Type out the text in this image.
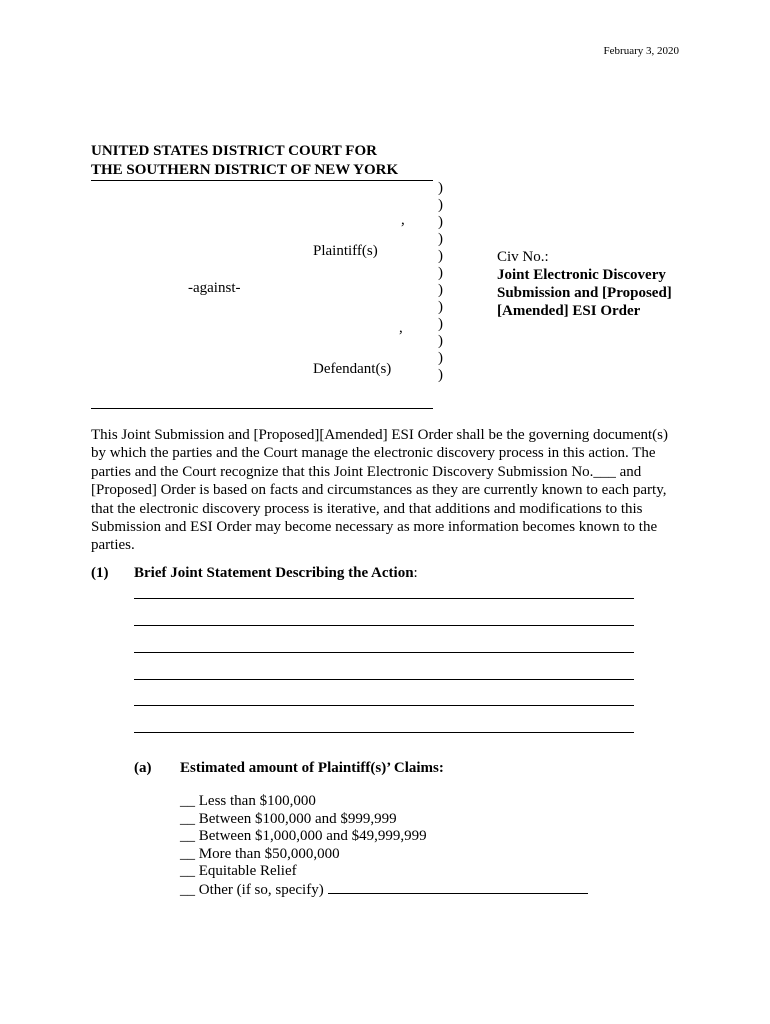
February 3, 2020
UNITED STATES DISTRICT COURT FOR
THE SOUTHERN DISTRICT OF NEW YORK
)
)
)
)
)
)
)
)
)
)
)
)
,
Plaintiff(s)
-against-
,
Defendant(s)
Civ No.:
Joint Electronic Discovery
Submission and [Proposed]
[Amended] ESI Order

This Joint Submission and [Proposed][Amended] ESI Order shall be the governing document(s) by which the parties and the Court manage the electronic discovery process in this action. The parties and the Court recognize that this Joint Electronic Discovery Submission No.___ and [Proposed] Order is based on facts and circumstances as they are currently known to each party, that the electronic discovery process is iterative, and that additions and modifications to this Submission and ESI Order may become necessary as more information becomes known to the parties.

(1) Brief Joint Statement Describing the Action:
(a) Estimated amount of Plaintiff(s)’ Claims:
__ Less than $100,000
__ Between $100,000 and $999,999
__ Between $1,000,000 and $49,999,999
__ More than $50,000,000
__ Equitable Relief
__ Other (if so, specify)
